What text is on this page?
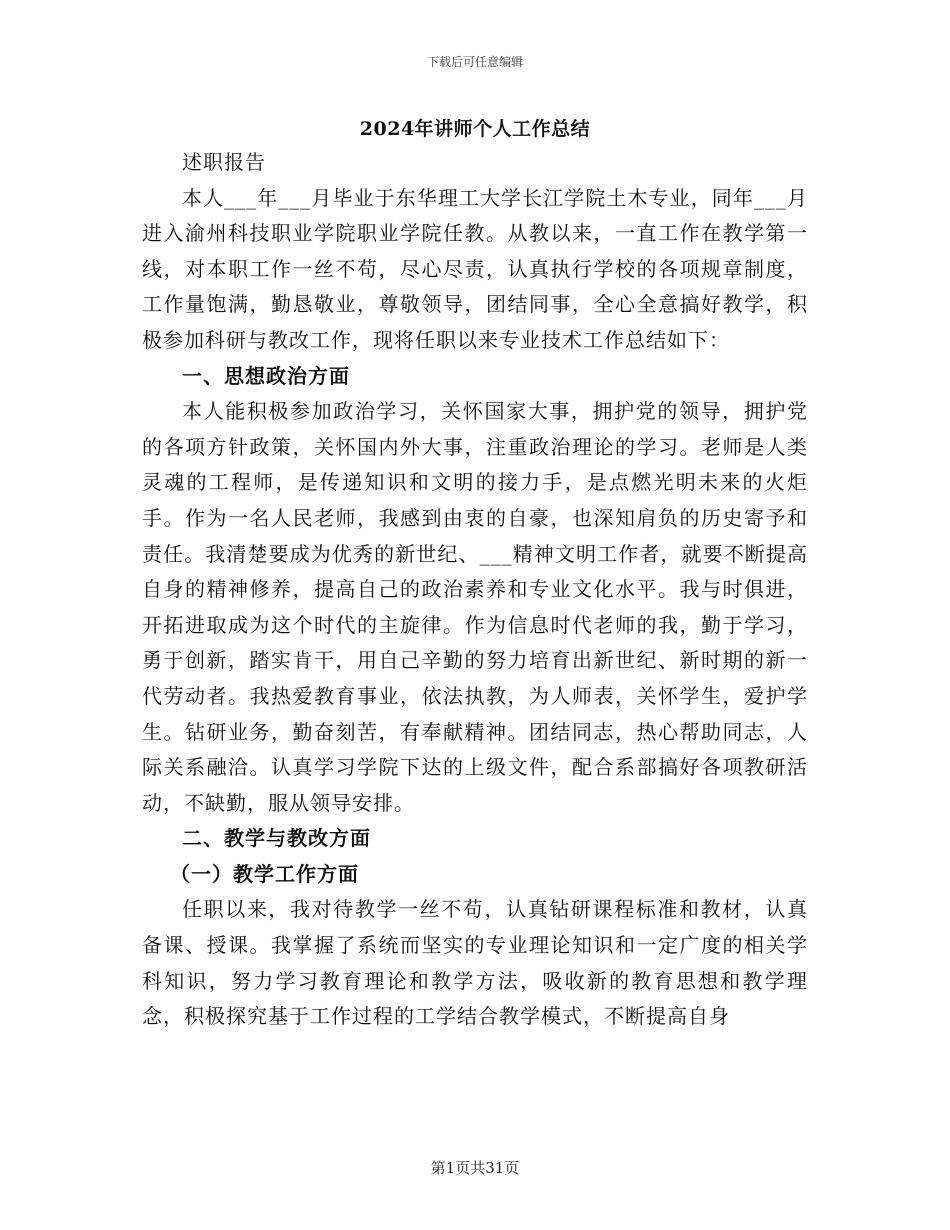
下载后可任意编辑
2024年讲师个人工作总结

述职报告

本人___年___月毕业于东华理工大学长江学院土木专业，同年___月进入渝州科技职业学院职业学院任教。从教以来，一直工作在教学第一线，对本职工作一丝不苟，尽心尽责，认真执行学校的各项规章制度，工作量饱满，勤恳敬业，尊敬领导，团结同事，全心全意搞好教学，积极参加科研与教改工作，现将任职以来专业技术工作总结如下：

一、思想政治方面

本人能积极参加政治学习，关怀国家大事，拥护党的领导，拥护党的各项方针政策，关怀国内外大事，注重政治理论的学习。老师是人类灵魂的工程师，是传递知识和文明的接力手，是点燃光明未来的火炬手。作为一名人民老师，我感到由衷的自豪，也深知肩负的历史寄予和责任。我清楚要成为优秀的新世纪、___精神文明工作者，就要不断提高自身的精神修养，提高自己的政治素养和专业文化水平。我与时俱进，开拓进取成为这个时代的主旋律。作为信息时代老师的我，勤于学习，勇于创新，踏实肯干，用自己辛勤的努力培育出新世纪、新时期的新一代劳动者。我热爱教育事业，依法执教，为人师表，关怀学生，爱护学生。钻研业务，勤奋刻苦，有奉献精神。团结同志，热心帮助同志，人际关系融洽。认真学习学院下达的上级文件，配合系部搞好各项教研活动，不缺勤，服从领导安排。

二、教学与教改方面

（一）教学工作方面

任职以来，我对待教学一丝不苟，认真钻研课程标准和教材，认真备课、授课。我掌握了系统而坚实的专业理论知识和一定广度的相关学科知识，努力学习教育理论和教学方法，吸收新的教育思想和教学理念，积极探究基于工作过程的工学结合教学模式，不断提高自身

第1页共31页
